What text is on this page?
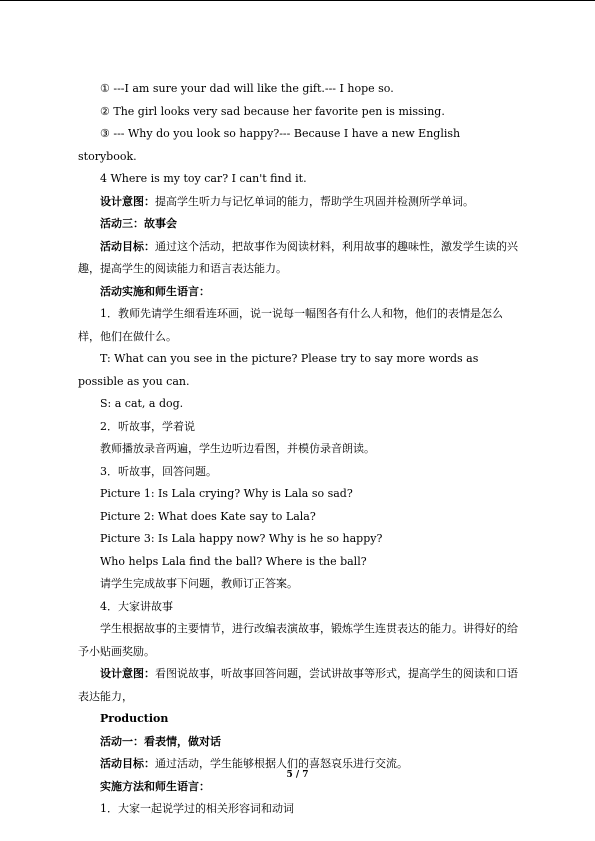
① ---I am sure your dad will like the gift.--- I hope so.

② The girl looks very sad because her favorite pen is missing.

③ --- Why do you look so happy?--- Because I have a new English storybook.

4 Where is my toy car? I can't find it.

设计意图：提高学生听力与记忆单词的能力，帮助学生巩固并检测所学单词。

活动三：故事会

活动目标：通过这个活动，把故事作为阅读材料，利用故事的趣味性，激发学生读的兴趣，提高学生的阅读能力和语言表达能力。

活动实施和师生语言：

1．教师先请学生细看连环画，说一说每一幅图各有什么人和物，他们的表情是怎么样，他们在做什么。

T: What can you see in the picture? Please try to say more words as possible as you can.

S: a cat, a dog.

2．听故事，学着说

教师播放录音两遍，学生边听边看图，并模仿录音朗读。

3．听故事，回答问题。

Picture 1: Is Lala crying? Why is Lala so sad?

Picture 2: What does Kate say to Lala?

Picture 3: Is Lala happy now? Why is he so happy?

Who helps Lala find the ball? Where is the ball?

请学生完成故事下问题，教师订正答案。

4．大家讲故事

学生根据故事的主要情节，进行改编表演故事，锻炼学生连贯表达的能力。讲得好的给予小贴画奖励。

设计意图：看图说故事，听故事回答问题，尝试讲故事等形式，提高学生的阅读和口语表达能力，

Production

活动一：看表情，做对话

活动目标：通过活动，学生能够根据人们的喜怒哀乐进行交流。

实施方法和师生语言：

1．大家一起说学过的相关形容词和动词

5 / 7
